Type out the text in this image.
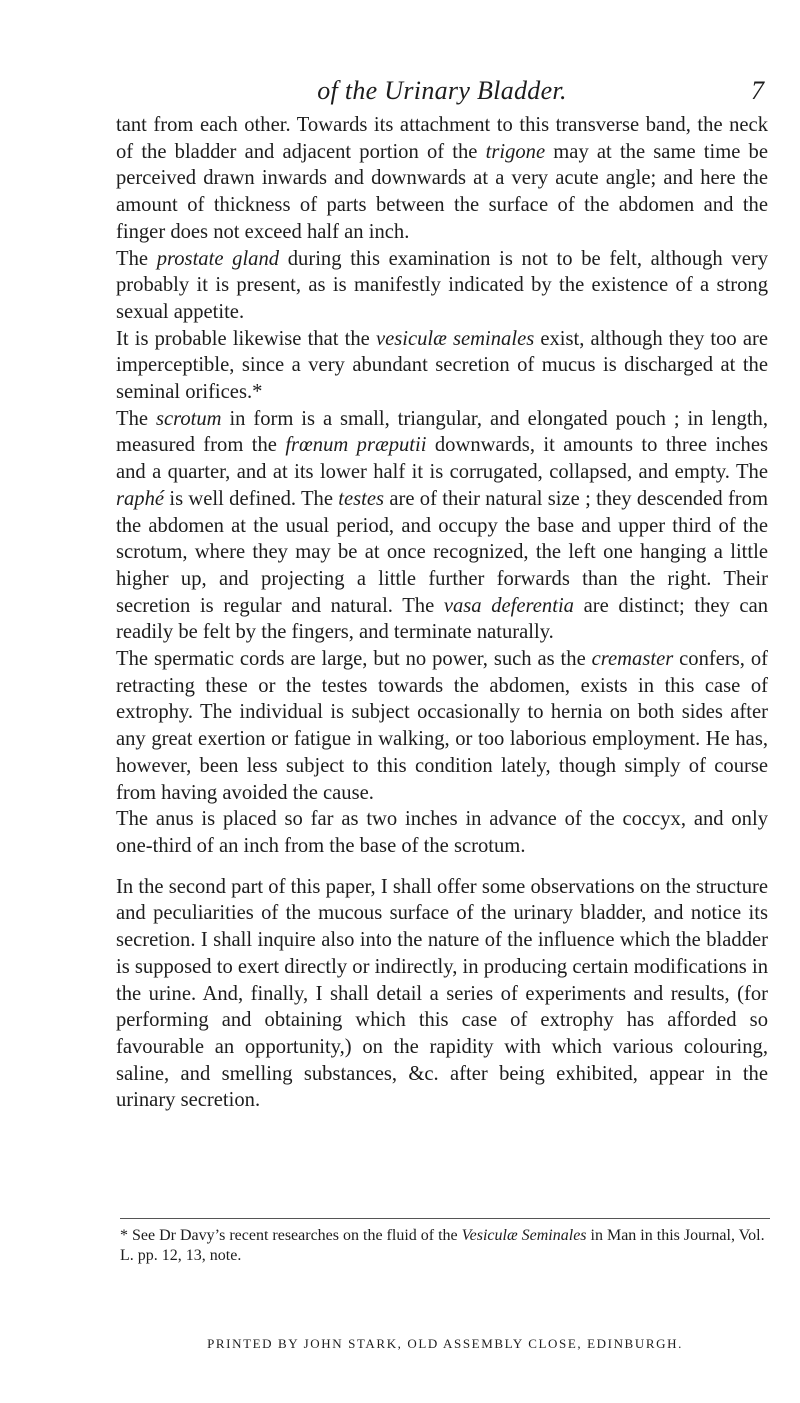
of the Urinary Bladder.	7

tant from each other. Towards its attachment to this transverse band, the neck of the bladder and adjacent portion of the trigone may at the same time be perceived drawn inwards and downwards at a very acute angle; and here the amount of thickness of parts between the surface of the abdomen and the finger does not exceed half an inch.

The prostate gland during this examination is not to be felt, although very probably it is present, as is manifestly indicated by the existence of a strong sexual appetite.

It is probable likewise that the vesiculæ seminales exist, although they too are imperceptible, since a very abundant secretion of mucus is discharged at the seminal orifices.*

The scrotum in form is a small, triangular, and elongated pouch ; in length, measured from the frœnum præputii downwards, it amounts to three inches and a quarter, and at its lower half it is corrugated, collapsed, and empty. The raphé is well defined. The testes are of their natural size ; they descended from the abdomen at the usual period, and occupy the base and upper third of the scrotum, where they may be at once recognized, the left one hanging a little higher up, and projecting a little further forwards than the right. Their secretion is regular and natural. The vasa deferentia are distinct; they can readily be felt by the fingers, and terminate naturally.

The spermatic cords are large, but no power, such as the cremaster confers, of retracting these or the testes towards the abdomen, exists in this case of extrophy. The individual is subject occasionally to hernia on both sides after any great exertion or fatigue in walking, or too laborious employment. He has, however, been less subject to this condition lately, though simply of course from having avoided the cause.

The anus is placed so far as two inches in advance of the coccyx, and only one-third of an inch from the base of the scrotum.

In the second part of this paper, I shall offer some observations on the structure and peculiarities of the mucous surface of the urinary bladder, and notice its secretion. I shall inquire also into the nature of the influence which the bladder is supposed to exert directly or indirectly, in producing certain modifications in the urine. And, finally, I shall detail a series of experiments and results, (for performing and obtaining which this case of extrophy has afforded so favourable an opportunity,) on the rapidity with which various colouring, saline, and smelling substances, &c. after being exhibited, appear in the urinary secretion.

* See Dr Davy’s recent researches on the fluid of the Vesiculæ Seminales in Man in this Journal, Vol. L. pp. 12, 13, note.
PRINTED BY JOHN STARK, OLD ASSEMBLY CLOSE, EDINBURGH.
